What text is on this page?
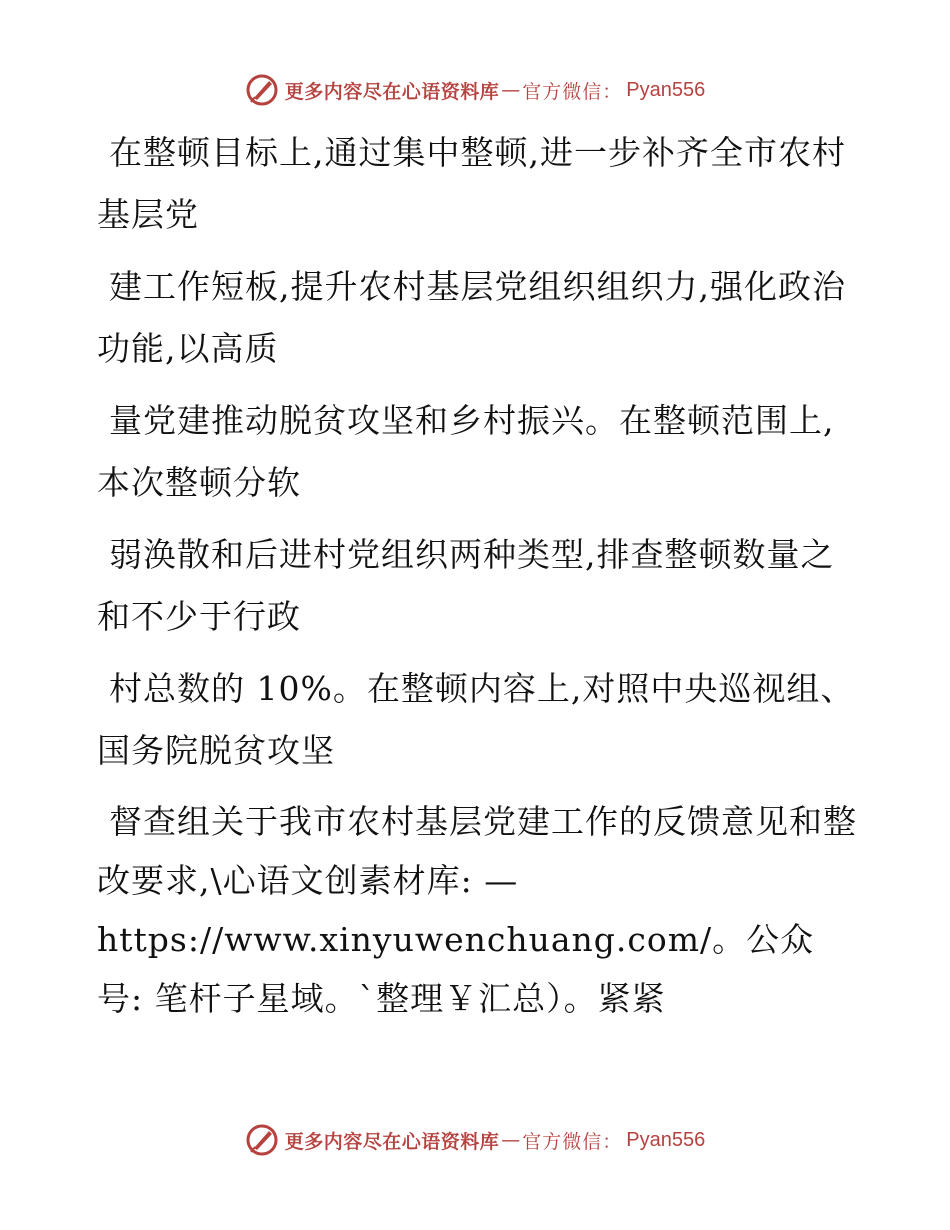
更多内容尽在心语资料库 — 官方微信： Pyan556

在整顿目标上,通过集中整顿,进一步补齐全市农村基层党

建工作短板,提升农村基层党组织组织力,强化政治功能,以高质

量党建推动脱贫攻坚和乡村振兴。在整顿范围上,本次整顿分软

弱涣散和后进村党组织两种类型,排查整顿数量之和不少于行政

村总数的 10%。在整顿内容上,对照中央巡视组、国务院脱贫攻坚

督查组关于我市农村基层党建工作的反馈意见和整改要求,\心语文创素材库: —https://www.xinyuwenchuang.com/。公众号: 笔杆子星域。`整理￥汇总）。紧紧

更多内容尽在心语资料库 — 官方微信： Pyan556
